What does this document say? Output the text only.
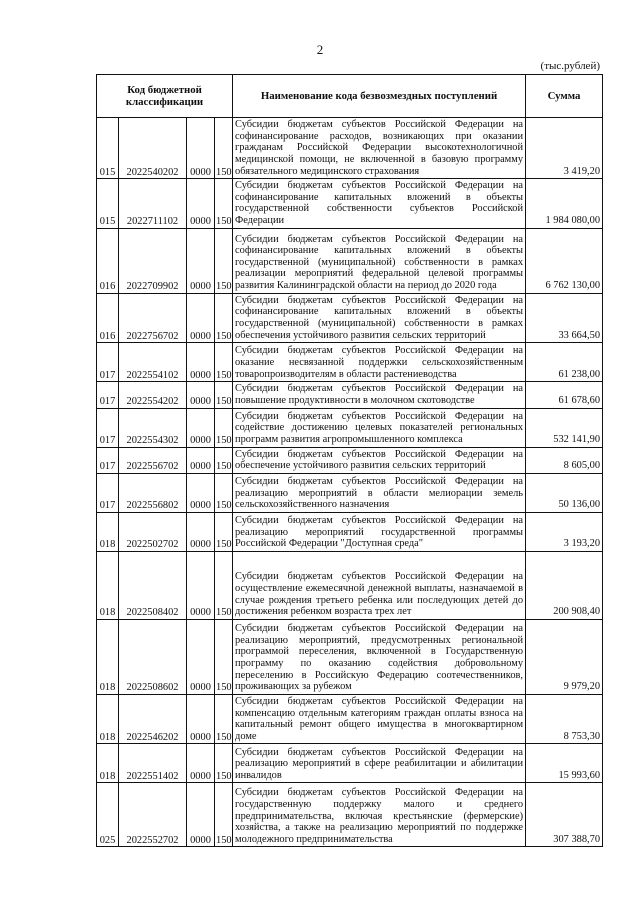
2
(тыс.рублей)
Код бюджетной классификации				Наименование кода безвозмездных поступлений	Сумма
015	2022540202	0000	150	Субсидии бюджетам субъектов Российской Федерации на софинансирование расходов, возникающих при оказании гражданам Российской Федерации высокотехнологичной медицинской помощи, не включенной в базовую программу обязательного медицинского страхования	3 419,20
015	2022711102	0000	150	Субсидии бюджетам субъектов Российской Федерации на софинансирование капитальных вложений в объекты государственной собственности субъектов Российской Федерации	1 984 080,00
016	2022709902	0000	150	Субсидии бюджетам субъектов Российской Федерации на софинансирование капитальных вложений в объекты государственной (муниципальной) собственности в рамках реализации мероприятий федеральной целевой программы развития Калининградской области на период до 2020 года	6 762 130,00
016	2022756702	0000	150	Субсидии бюджетам субъектов Российской Федерации на софинансирование капитальных вложений в объекты государственной (муниципальной) собственности в рамках обеспечения устойчивого развития сельских территорий	33 664,50
017	2022554102	0000	150	Субсидии бюджетам субъектов Российской Федерации на оказание несвязанной поддержки сельскохозяйственным товаропроизводителям в области растениеводства	61 238,00
017	2022554202	0000	150	Субсидии бюджетам субъектов Российской Федерации на повышение продуктивности в молочном скотоводстве	61 678,60
017	2022554302	0000	150	Субсидии бюджетам субъектов Российской Федерации на содействие достижению целевых показателей региональных программ развития агропромышленного комплекса	532 141,90
017	2022556702	0000	150	Субсидии бюджетам субъектов Российской Федерации на обеспечение устойчивого развития сельских территорий	8 605,00
017	2022556802	0000	150	Субсидии бюджетам субъектов Российской Федерации на реализацию мероприятий в области мелиорации земель сельскохозяйственного назначения	50 136,00
018	2022502702	0000	150	Субсидии бюджетам субъектов Российской Федерации на реализацию мероприятий государственной программы Российской Федерации "Доступная среда"	3 193,20
018	2022508402	0000	150	Субсидии бюджетам субъектов Российской Федерации на осуществление ежемесячной денежной выплаты, назначаемой в случае рождения третьего ребенка или последующих детей до достижения ребенком возраста трех лет	200 908,40
018	2022508602	0000	150	Субсидии бюджетам субъектов Российской Федерации на реализацию мероприятий, предусмотренных региональной программой переселения, включенной в Государственную программу по оказанию содействия добровольному переселению в Российскую Федерацию соотечественников, проживающих за рубежом	9 979,20
018	2022546202	0000	150	Субсидии бюджетам субъектов Российской Федерации на компенсацию отдельным категориям граждан оплаты взноса на капитальный ремонт общего имущества в многоквартирном доме	8 753,30
018	2022551402	0000	150	Субсидии бюджетам субъектов Российской Федерации на реализацию мероприятий в сфере реабилитации и абилитации инвалидов	15 993,60
025	2022552702	0000	150	Субсидии бюджетам субъектов Российской Федерации на государственную поддержку малого и среднего предпринимательства, включая крестьянские (фермерские) хозяйства, а также на реализацию мероприятий по поддержке молодежного предпринимательства	307 388,70
